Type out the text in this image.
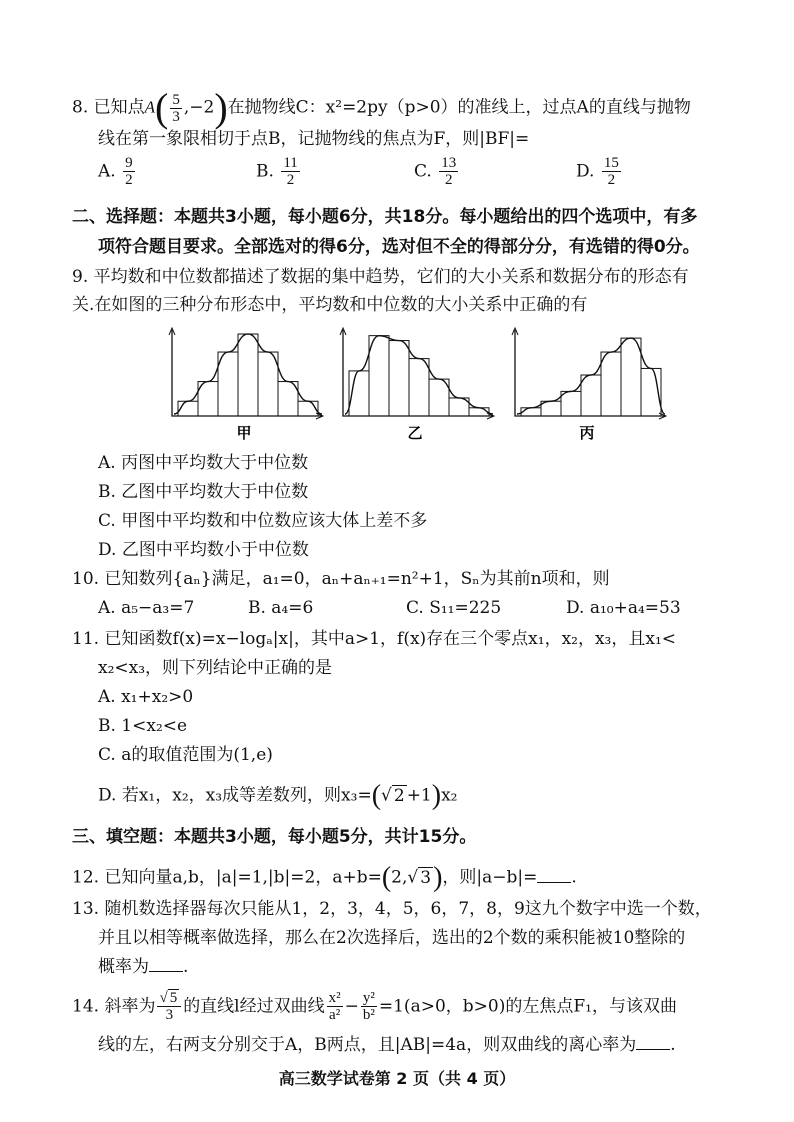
8. 已知点$A( \frac{5}{3} ,-2)$在抛物线C：x²=2py（p>0）的准线上，过点A的直线与抛物
线在第一象限相切于点B，记抛物线的焦点为F，则|BF|=
A. $\frac{9}{2}$	B. $\frac{11}{2}$	C. $\frac{13}{2}$	D. $\frac{15}{2}$
二、选择题：本题共3小题，每小题6分，共18分。每小题给出的四个选项中，有多
项符合题目要求。全部选对的得6分，选对但不全的得部分分，有选错的得0分。
9. 平均数和中位数都描述了数据的集中趋势，它们的大小关系和数据分布的形态有
关.在如图的三种分布形态中，平均数和中位数的大小关系中正确的有
甲	乙	丙
A. 丙图中平均数大于中位数
B. 乙图中平均数大于中位数
C. 甲图中平均数和中位数应该大体上差不多
D. 乙图中平均数小于中位数
10. 已知数列{aₙ}满足，a₁=0，aₙ+aₙ₊₁=n²+1，Sₙ为其前n项和，则
A. a₅−a₃=7	B. a₄=6	C. S₁₁=225	D. a₁₀+a₄=53
11. 已知函数f(x)=x−logₐ|x|，其中a>1，f(x)存在三个零点x₁，x₂，x₃，且x₁<
x₂<x₃，则下列结论中正确的是
A. x₁+x₂>0
B. 1<x₂<e
C. a的取值范围为(1,e)
D. 若x₁，x₂，x₃成等差数列，则x₃=(√ 2 +1)x₂
三、填空题：本题共3小题，每小题5分，共计15分。
12. 已知向量a,b，|a|=1,|b|=2，a+b=(2,√ 3)，则|a−b|= .
13. 随机数选择器每次只能从1，2，3，4，5，6，7，8，9这九个数字中选一个数，
并且以相等概率做选择，那么在2次选择后，选出的2个数的乘积能被10整除的
概率为 .
14. 斜率为 $\frac{√ 5}{3}$ 的直线l经过双曲线 $\frac{\text{x²}}{\text{a²}} - \frac{\text{y²}}{\text{b²}} =1(a>0$，b>0)的左焦点F₁，与该双曲
线的左，右两支分别交于A，B两点，且|AB|=4a，则双曲线的离心率为 .
高三数学试卷第 2 页（共 4 页）
